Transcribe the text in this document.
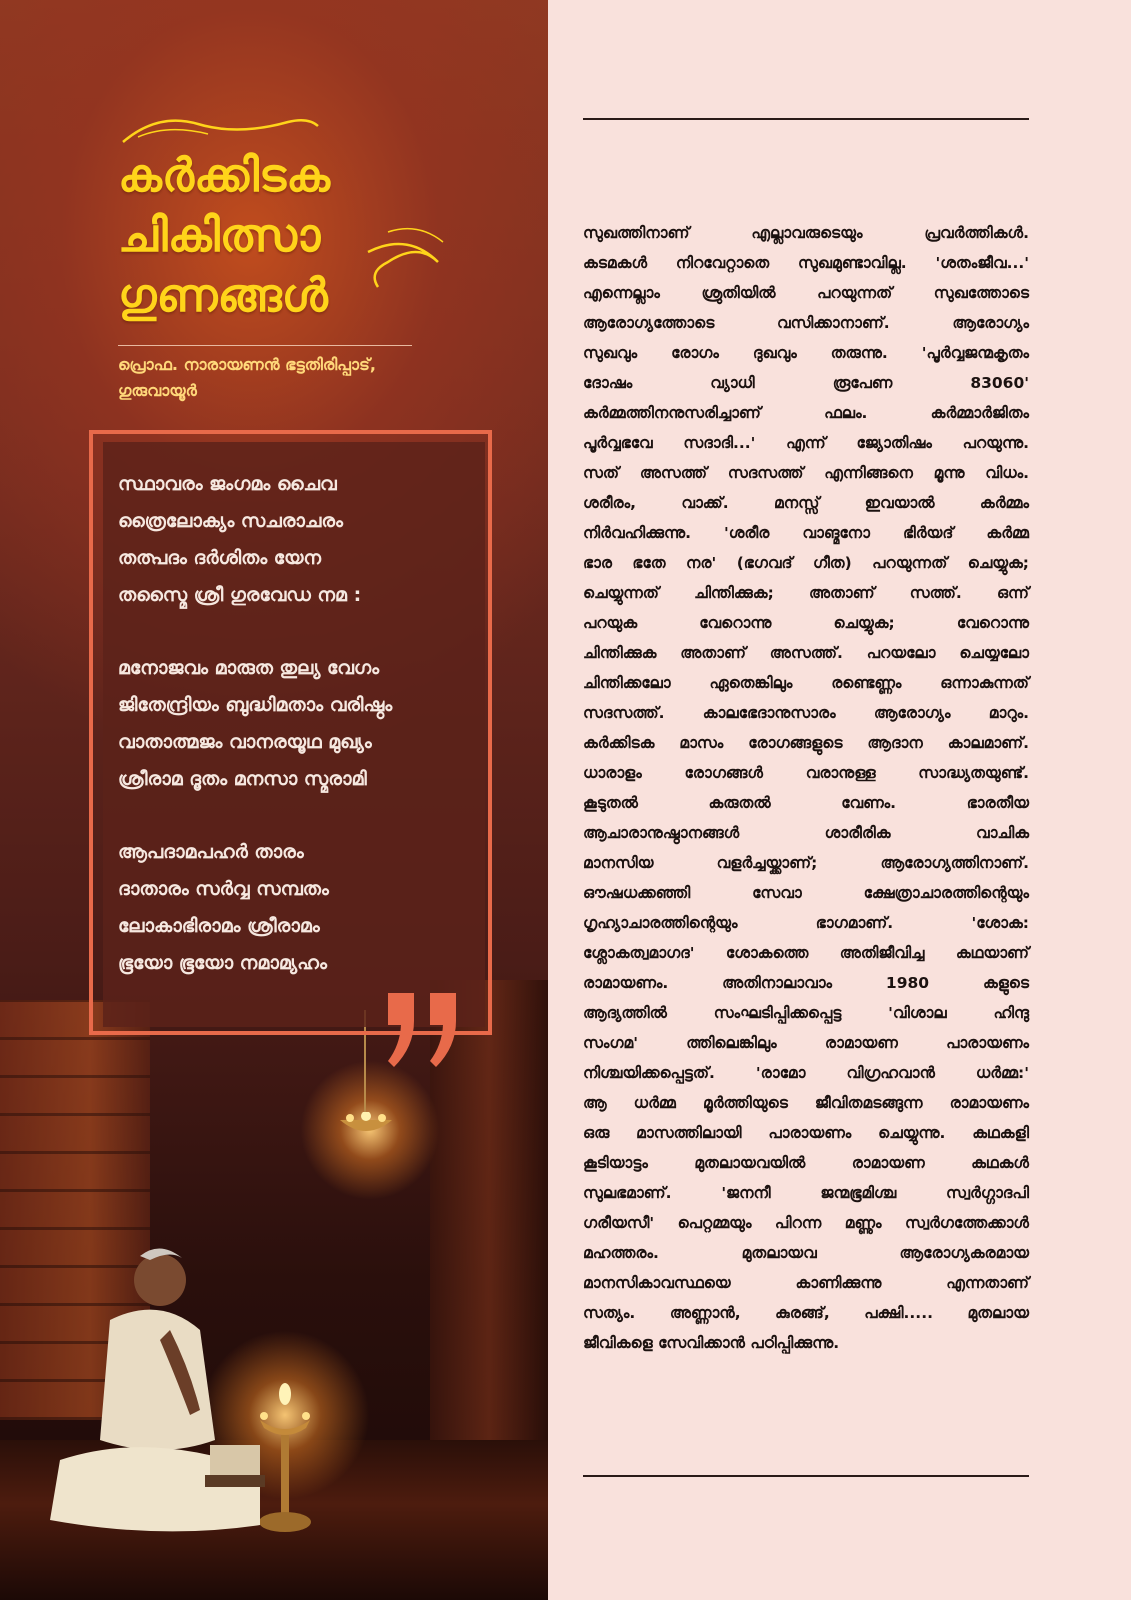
കർക്കിടക
ചികിത്സാ
ഗുണങ്ങൾ
പ്രൊഫ. നാരായണൻ ഭട്ടതിരിപ്പാട്,
ഗുരുവായൂർ
സ്ഥാവരം ജംഗമം ചൈവ
ത്രൈലോക്യം സചരാചരം
തത്പദം ദർശിതം യേന
തസ്മൈ ശ്രീ ഗുരവേഡ നമ :
മനോജവം മാരുത തുല്യ വേഗം
ജിതേന്ദ്രിയം ബുദ്ധിമതാം വരിഷ്ഠം
വാതാത്മജം വാനരയൂഥ മുഖ്യം
ശ്രീരാമ ദൂതം മനസാ സ്മരാമി
ആപദാമപഹർ താരം
ദാതാരം സർവ്വ സമ്പതം
ലോകാഭിരാമം ശ്രീരാമം
ഭൂയോ ഭൂയോ നമാമ്യഹം
സുഖത്തിനാണ് എല്ലാവരുടെയും പ്രവർത്തികൾ.
കടമകൾ നിറവേറ്റാതെ സുഖമുണ്ടാവില്ല. 'ശതംജീവ...'
എന്നെല്ലാം ശ്രുതിയിൽ പറയുന്നത് സുഖത്തോടെ
ആരോഗ്യത്തോടെ വസിക്കാനാണ്. ആരോഗ്യം
സുഖവും രോഗം ദുഖവും തരുന്നു. 'പൂർവ്വജന്മകൃതം
ദോഷം വ്യാധി രൂപേണ 83060'
കർമ്മത്തിനനുസരിച്ചാണ് ഫലം. കർമ്മാർജിതം
പൂർവ്വഭവേ സദാദി...' എന്ന് ജ്യോതിഷം പറയുന്നു.
സത് അസത്ത് സദസത്ത് എന്നിങ്ങനെ മൂന്നു വിധം.
ശരീരം, വാക്ക്. മനസ്സ് ഇവയാൽ കർമ്മം
നിർവഹിക്കുന്നു. 'ശരീര വാങ്മനോ ഭിർയദ് കർമ്മ
ഭാര ഭതേ നര' (ഭഗവദ് ഗീത) പറയുന്നത് ചെയ്യുക;
ചെയ്യുന്നത് ചിന്തിക്കുക; അതാണ് സത്ത്. ഒന്ന്
പറയുക വേറൊന്നു ചെയ്യുക; വേറൊന്നു
ചിന്തിക്കുക അതാണ് അസത്ത്. പറയലോ ചെയ്യലോ
ചിന്തിക്കലോ ഏതെങ്കിലും രണ്ടെണ്ണം ഒന്നാകുന്നത്
സദസത്ത്. കാലഭേദാനുസാരം ആരോഗ്യം മാറും.
കർക്കിടക മാസം രോഗങ്ങളുടെ ആദാന കാലമാണ്.
ധാരാളം രോഗങ്ങൾ വരാനുള്ള സാദ്ധ്യതയുണ്ട്.
കൂടുതൽ കരുതൽ വേണം. ഭാരതീയ
ആചാരാനുഷ്ഠാനങ്ങൾ ശാരീരിക വാചിക
മാനസിയ വളർച്ചയ്ക്കാണ്; ആരോഗ്യത്തിനാണ്.
ഔഷധക്കഞ്ഞി സേവാ ക്ഷേത്രാചാരത്തിന്റെയും
ഗൃഹ്യാചാരത്തിന്റെയും ഭാഗമാണ്. 'ശോക:
ശ്ലോകത്വമാഗദ' ശോകത്തെ അതിജീവിച്ച കഥയാണ്
രാമായണം. അതിനാലാവാം 1980 കളുടെ
ആദ്യത്തിൽ സംഘടിപ്പിക്കപ്പെട്ട 'വിശാല ഹിന്ദു
സംഗമ' ത്തിലെങ്കിലും രാമായണ പാരായണം
നിശ്ചയിക്കപ്പെട്ടത്. 'രാമോ വിഗ്രഹവാൻ ധർമ്മ:'
ആ ധർമ്മ മൂർത്തിയുടെ ജീവിതമടങ്ങുന്ന രാമായണം
ഒരു മാസത്തിലായി പാരായണം ചെയ്യുന്നു. കഥകളി
കൂടിയാട്ടം മുതലായവയിൽ രാമായണ കഥകൾ
സുലഭമാണ്. 'ജനനീ ജന്മഭൂമിശ്ച സ്വർഗ്ഗാദപി
ഗരീയസീ' പെറ്റമ്മയും പിറന്ന മണ്ണും സ്വർഗത്തേക്കാൾ
മഹത്തരം. മുതലായവ ആരോഗ്യകരമായ
മാനസികാവസ്ഥയെ കാണിക്കുന്നു എന്നതാണ്
സത്യം. അണ്ണാൻ, കുരങ്ങ്, പക്ഷി..... മുതലായ
ജീവികളെ സേവിക്കാൻ പഠിപ്പിക്കുന്നു.
